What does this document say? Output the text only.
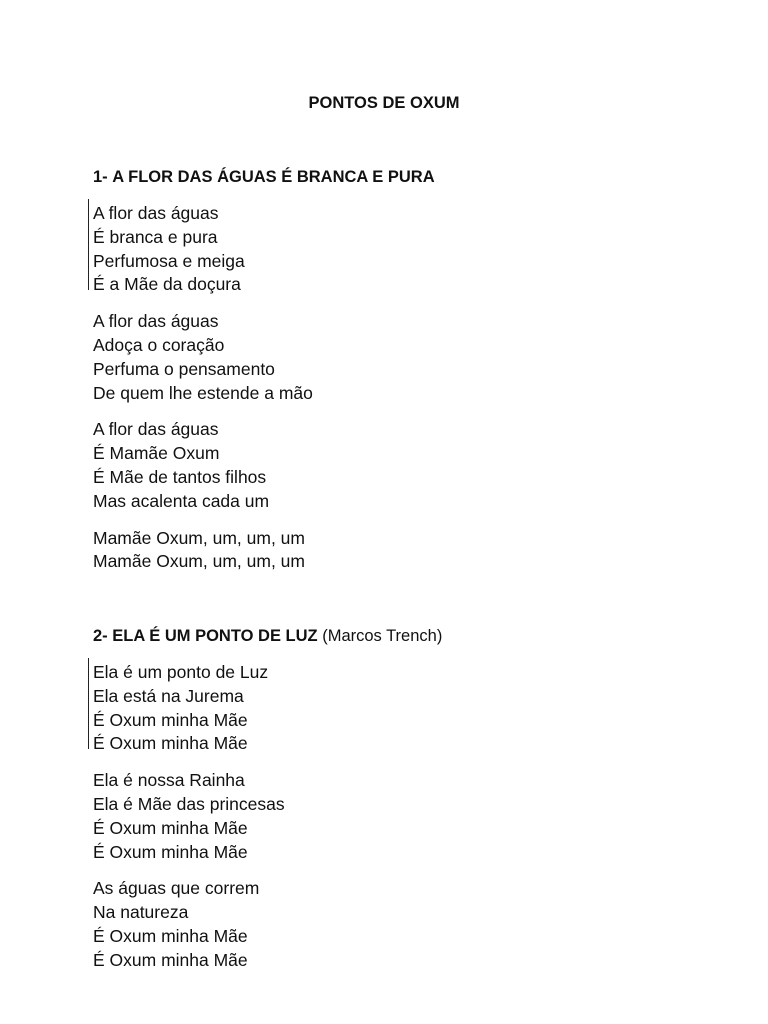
PONTOS DE OXUM

1- A FLOR DAS ÁGUAS É BRANCA E PURA

A flor das águas

É branca e pura

Perfumosa e meiga

É a Mãe da doçura

A flor das águas

Adoça o coração

Perfuma o pensamento

De quem lhe estende a mão

A flor das águas

É Mamãe Oxum

É Mãe de tantos filhos

Mas acalenta cada um

Mamãe Oxum, um, um, um

Mamãe Oxum, um, um, um

2- ELA É UM PONTO DE LUZ (Marcos Trench)

Ela é um ponto de Luz

Ela está na Jurema

É Oxum minha Mãe

É Oxum minha Mãe

Ela é nossa Rainha

Ela é Mãe das princesas

É Oxum minha Mãe

É Oxum minha Mãe

As águas que correm

Na natureza

É Oxum minha Mãe

É Oxum minha Mãe
